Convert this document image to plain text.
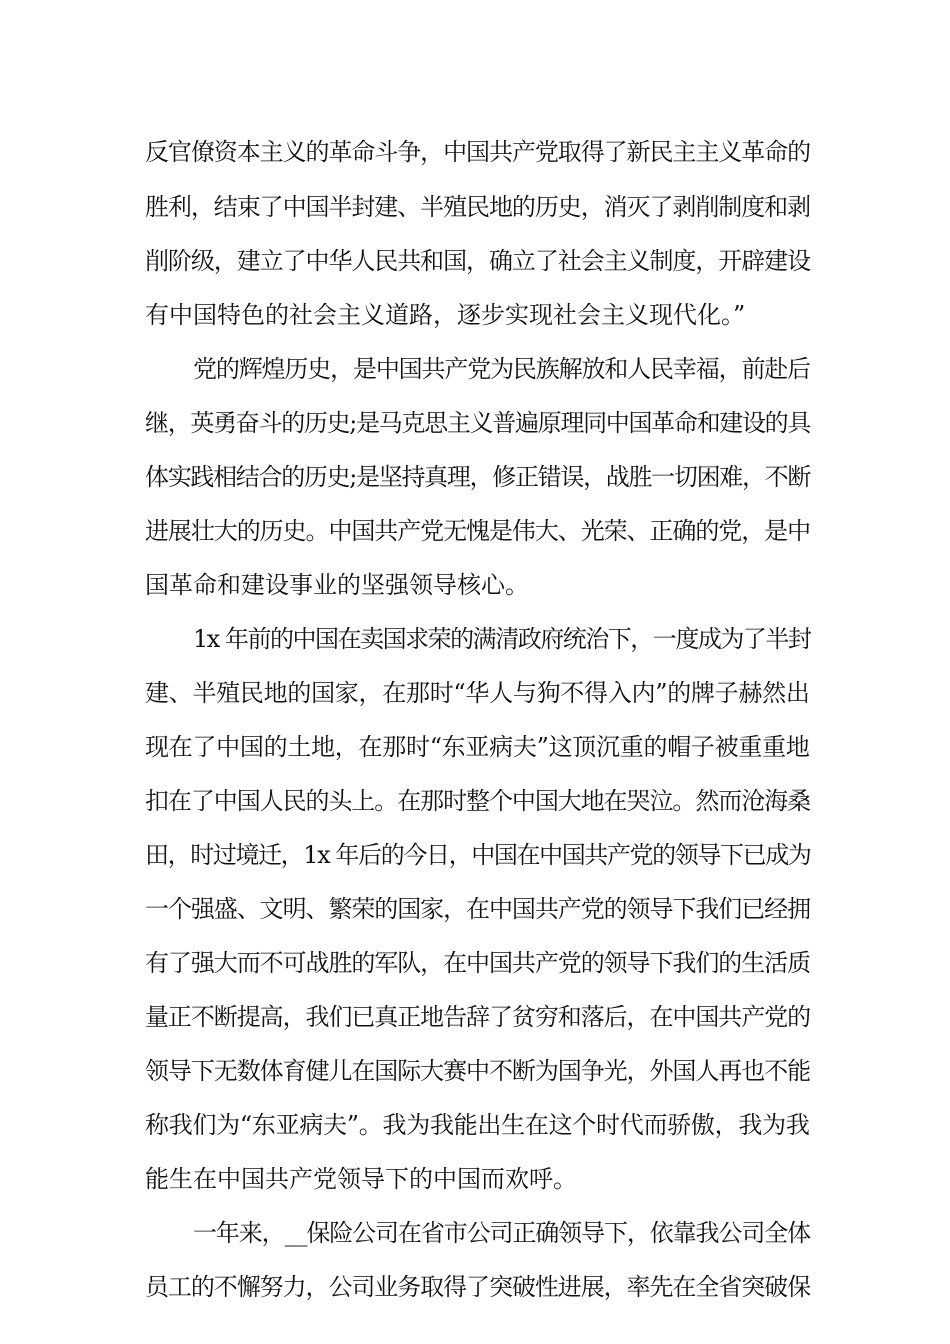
反官僚资本主义的革命斗争，中国共产党取得了新民主主义革命的
胜利，结束了中国半封建、半殖民地的历史，消灭了剥削制度和剥
削阶级，建立了中华人民共和国，确立了社会主义制度，开辟建设
有中国特色的社会主义道路，逐步实现社会主义现代化。”
党的辉煌历史，是中国共产党为民族解放和人民幸福，前赴后
继，英勇奋斗的历史;是马克思主义普遍原理同中国革命和建设的具
体实践相结合的历史;是坚持真理，修正错误，战胜一切困难，不断
进展壮大的历史。中国共产党无愧是伟大、光荣、正确的党，是中
国革命和建设事业的坚强领导核心。
1x 年前的中国在卖国求荣的满清政府统治下，一度成为了半封
建、半殖民地的国家，在那时“华人与狗不得入内”的牌子赫然出
现在了中国的土地，在那时“东亚病夫”这顶沉重的帽子被重重地
扣在了中国人民的头上。在那时整个中国大地在哭泣。然而沧海桑
田，时过境迁，1x 年后的今日，中国在中国共产党的领导下已成为
一个强盛、文明、繁荣的国家，在中国共产党的领导下我们已经拥
有了强大而不可战胜的军队，在中国共产党的领导下我们的生活质
量正不断提高，我们已真正地告辞了贫穷和落后，在中国共产党的
领导下无数体育健儿在国际大赛中不断为国争光，外国人再也不能
称我们为“东亚病夫”。我为我能出生在这个时代而骄傲，我为我
能生在中国共产党领导下的中国而欢呼。
一年来，__保险公司在省市公司正确领导下，依靠我公司全体
员工的不懈努力，公司业务取得了突破性进展，率先在全省突破保
